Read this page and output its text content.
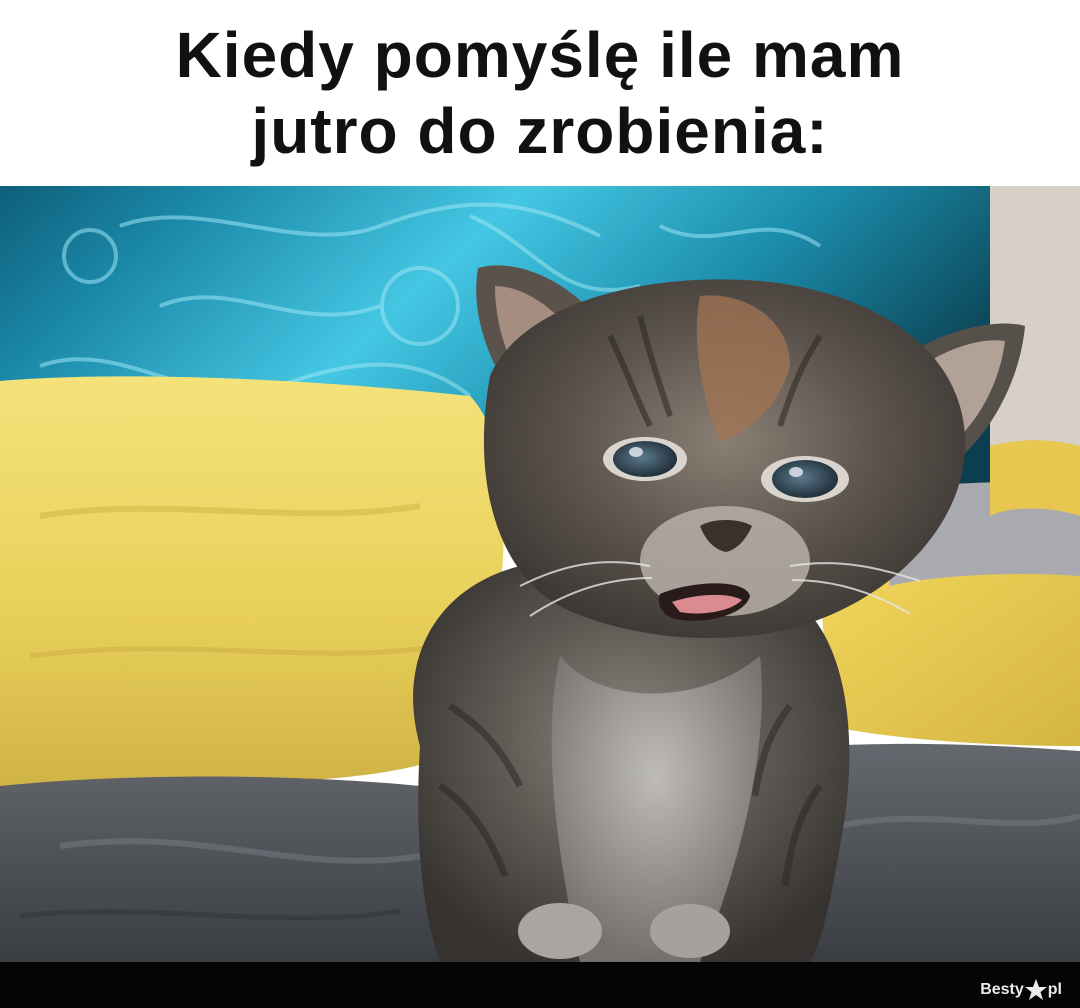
Kiedy pomyślę ile mam
jutro do zrobienia:
Besty pl
